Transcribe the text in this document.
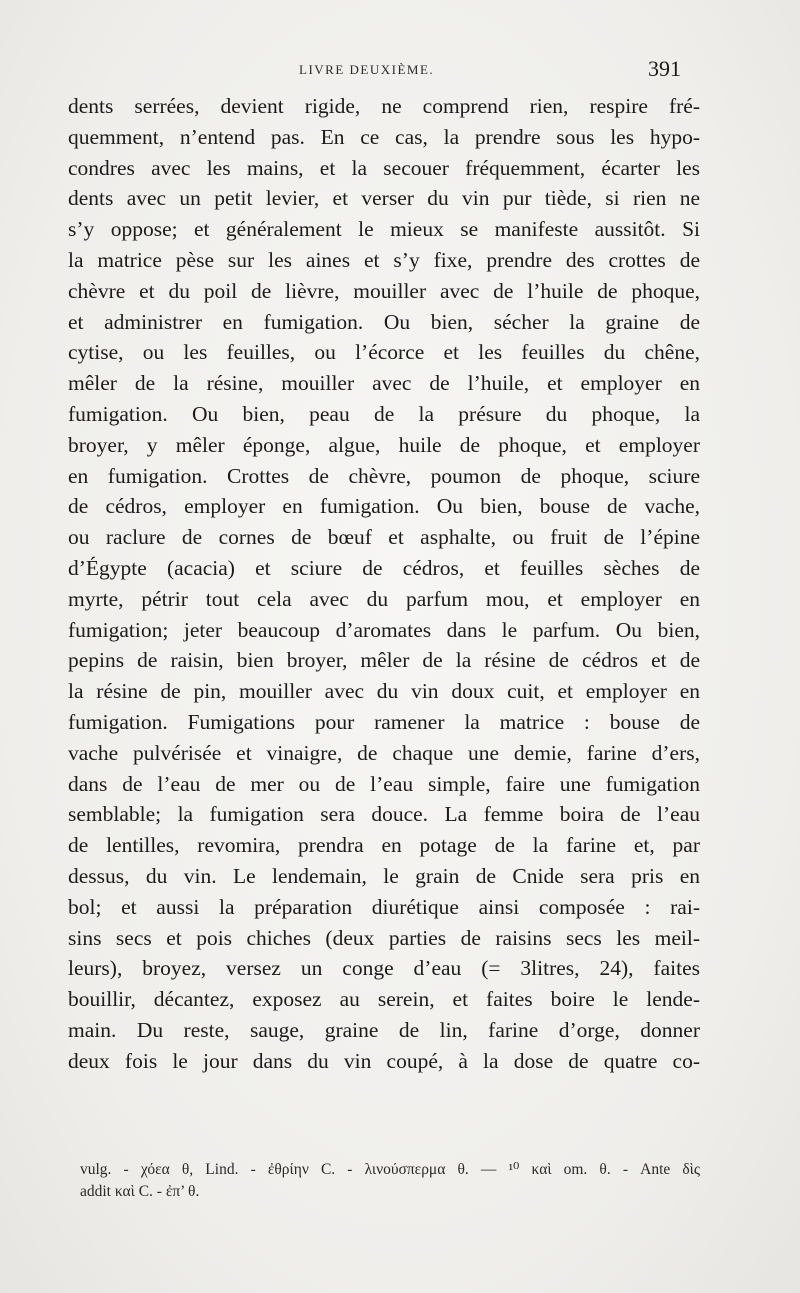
LIVRE DEUXIÈME.	391
dents serrées, devient rigide, ne comprend rien, respire fré-
quemment, n’entend pas. En ce cas, la prendre sous les hypo-
condres avec les mains, et la secouer fréquemment, écarter les
dents avec un petit levier, et verser du vin pur tiède, si rien ne
s’y oppose; et généralement le mieux se manifeste aussitôt. Si
la matrice pèse sur les aines et s’y fixe, prendre des crottes de
chèvre et du poil de lièvre, mouiller avec de l’huile de phoque,
et administrer en fumigation. Ou bien, sécher la graine de
cytise, ou les feuilles, ou l’écorce et les feuilles du chêne,
mêler de la résine, mouiller avec de l’huile, et employer en
fumigation. Ou bien, peau de la présure du phoque, la
broyer, y mêler éponge, algue, huile de phoque, et employer
en fumigation. Crottes de chèvre, poumon de phoque, sciure
de cédros, employer en fumigation. Ou bien, bouse de vache,
ou raclure de cornes de bœuf et asphalte, ou fruit de l’épine
d’Égypte (acacia) et sciure de cédros, et feuilles sèches de
myrte, pétrir tout cela avec du parfum mou, et employer en
fumigation; jeter beaucoup d’aromates dans le parfum. Ou bien,
pepins de raisin, bien broyer, mêler de la résine de cédros et de
la résine de pin, mouiller avec du vin doux cuit, et employer en
fumigation. Fumigations pour ramener la matrice : bouse de
vache pulvérisée et vinaigre, de chaque une demie, farine d’ers,
dans de l’eau de mer ou de l’eau simple, faire une fumigation
semblable; la fumigation sera douce. La femme boira de l’eau
de lentilles, revomira, prendra en potage de la farine et, par
dessus, du vin. Le lendemain, le grain de Cnide sera pris en
bol; et aussi la préparation diurétique ainsi composée : rai-
sins secs et pois chiches (deux parties de raisins secs les meil-
leurs), broyez, versez un conge d’eau (= 3litres, 24), faites
bouillir, décantez, exposez au serein, et faites boire le lende-
main. Du reste, sauge, graine de lin, farine d’orge, donner
deux fois le jour dans du vin coupé, à la dose de quatre co-
vulg. - χόεα θ, Lind. - ἐθρίην C. - λινούσπερμα θ. — ¹⁰ καὶ om. θ. - Ante δὶς
addit καὶ C. - ἐπ’ θ.
